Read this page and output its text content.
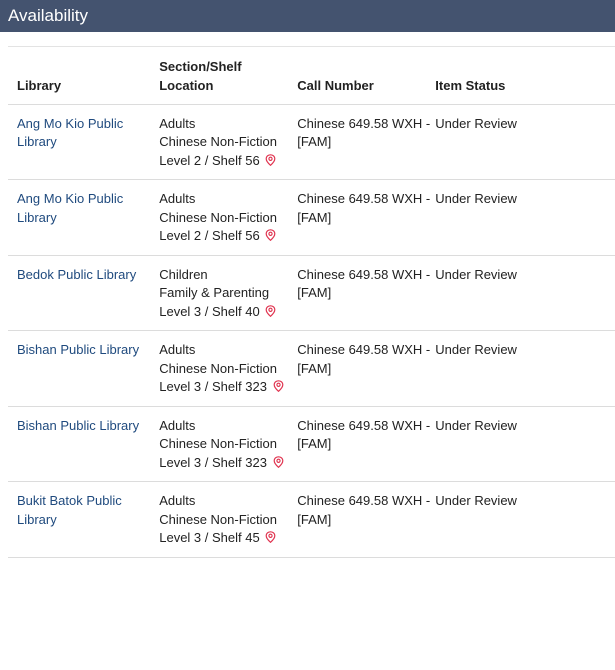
Availability
Library	Section/Shelf Location	Call Number	Item Status
Ang Mo Kio Public Library	Adults
Chinese Non-Fiction
Level 2 / Shelf 56	Chinese 649.58 WXH - [FAM]	Under Review
Ang Mo Kio Public Library	Adults
Chinese Non-Fiction
Level 2 / Shelf 56	Chinese 649.58 WXH - [FAM]	Under Review
Bedok Public Library	Children
Family & Parenting
Level 3 / Shelf 40	Chinese 649.58 WXH - [FAM]	Under Review
Bishan Public Library	Adults
Chinese Non-Fiction
Level 3 / Shelf 323	Chinese 649.58 WXH - [FAM]	Under Review
Bishan Public Library	Adults
Chinese Non-Fiction
Level 3 / Shelf 323	Chinese 649.58 WXH - [FAM]	Under Review
Bukit Batok Public Library	Adults
Chinese Non-Fiction
Level 3 / Shelf 45	Chinese 649.58 WXH - [FAM]	Under Review
